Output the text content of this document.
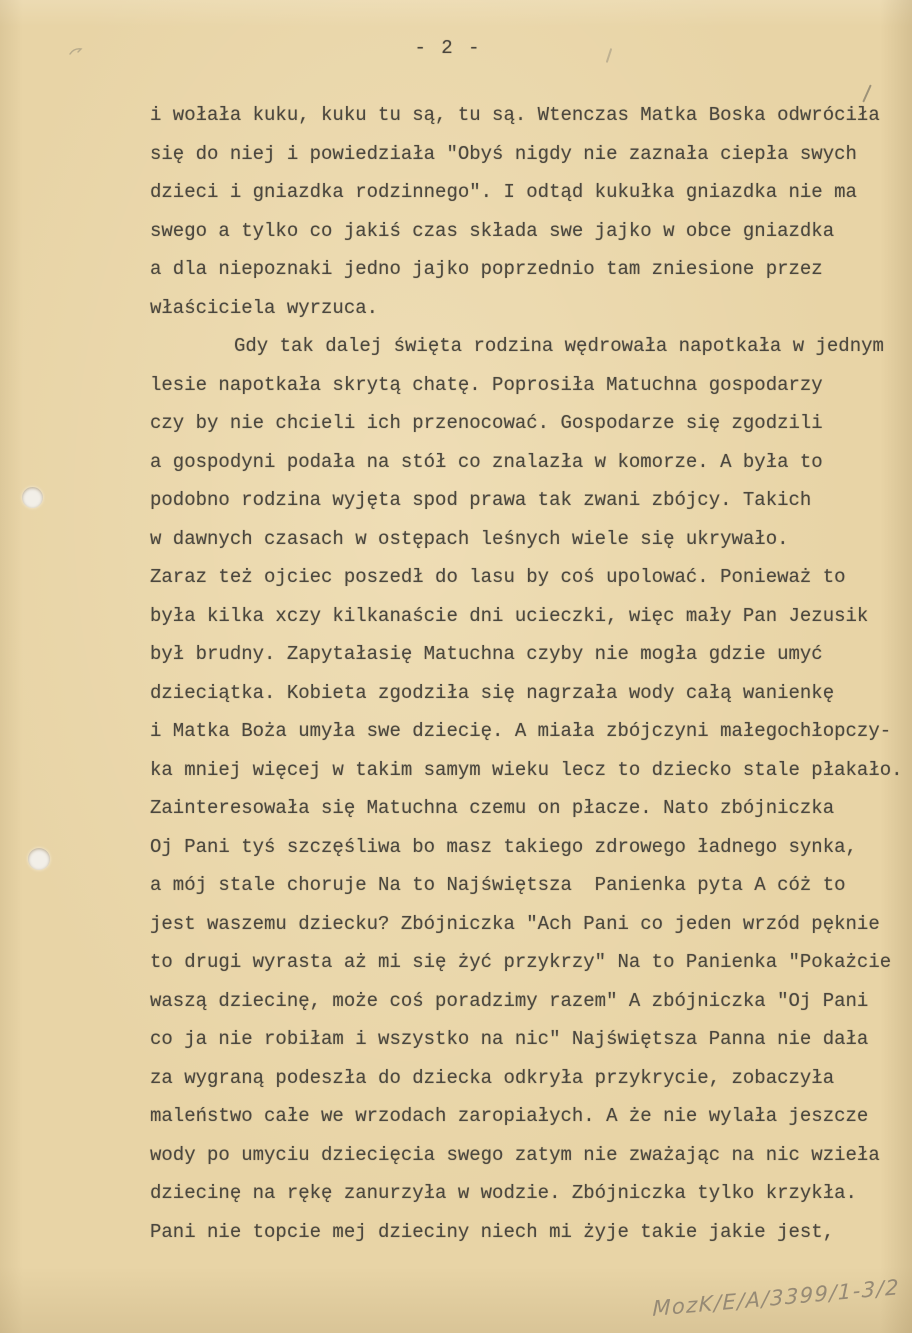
- 2 -
i wołała kuku, kuku tu są, tu są. Wtenczas Matka Boska odwróciła
się do niej i powiedziała "Obyś nigdy nie zaznała ciepła swych
dzieci i gniazdka rodzinnego". I odtąd kukułka gniazdka nie ma
swego a tylko co jakiś czas składa swe jajko w obce gniazdka
a dla niepoznaki jedno jajko poprzednio tam zniesione przez
właściciela wyrzuca.
Gdy tak dalej święta rodzina wędrowała napotkała w jednym
lesie napotkała skrytą chatę. Poprosiła Matuchna gospodarzy
czy by nie chcieli ich przenocować. Gospodarze się zgodzili
a gospodyni podała na stół co znalazła w komorze. A była to
podobno rodzina wyjęta spod prawa tak zwani zbójcy. Takich
w dawnych czasach w ostępach leśnych wiele się ukrywało.
Zaraz też ojciec poszedł do lasu by coś upolować. Ponieważ to
była kilka xczy kilkanaście dni ucieczki, więc mały Pan Jezusik
był brudny. Zapytałasię Matuchna czyby nie mogła gdzie umyć
dzieciątka. Kobieta zgodziła się nagrzała wody całą wanienkę
i Matka Boża umyła swe dziecię. A miała zbójczyni małegochłopczy-
ka mniej więcej w takim samym wieku lecz to dziecko stale płakało.
Zainteresowała się Matuchna czemu on płacze. Nato zbójniczka
Oj Pani tyś szczęśliwa bo masz takiego zdrowego ładnego synka,
a mój stale choruje Na to Najświętsza  Panienka pyta A cóż to
jest waszemu dziecku? Zbójniczka "Ach Pani co jeden wrzód pęknie
to drugi wyrasta aż mi się żyć przykrzy" Na to Panienka "Pokażcie
waszą dziecinę, może coś poradzimy razem" A zbójniczka "Oj Pani
co ja nie robiłam i wszystko na nic" Najświętsza Panna nie dała
za wygraną podeszła do dziecka odkryła przykrycie, zobaczyła
maleństwo całe we wrzodach zaropiałych. A że nie wylała jeszcze
wody po umyciu dziecięcia swego zatym nie zważając na nic wzieła
dziecinę na rękę zanurzyła w wodzie. Zbójniczka tylko krzykła.
Pani nie topcie mej dzieciny niech mi żyje takie jakie jest,
MozK/E/A/3399/1-3/2
